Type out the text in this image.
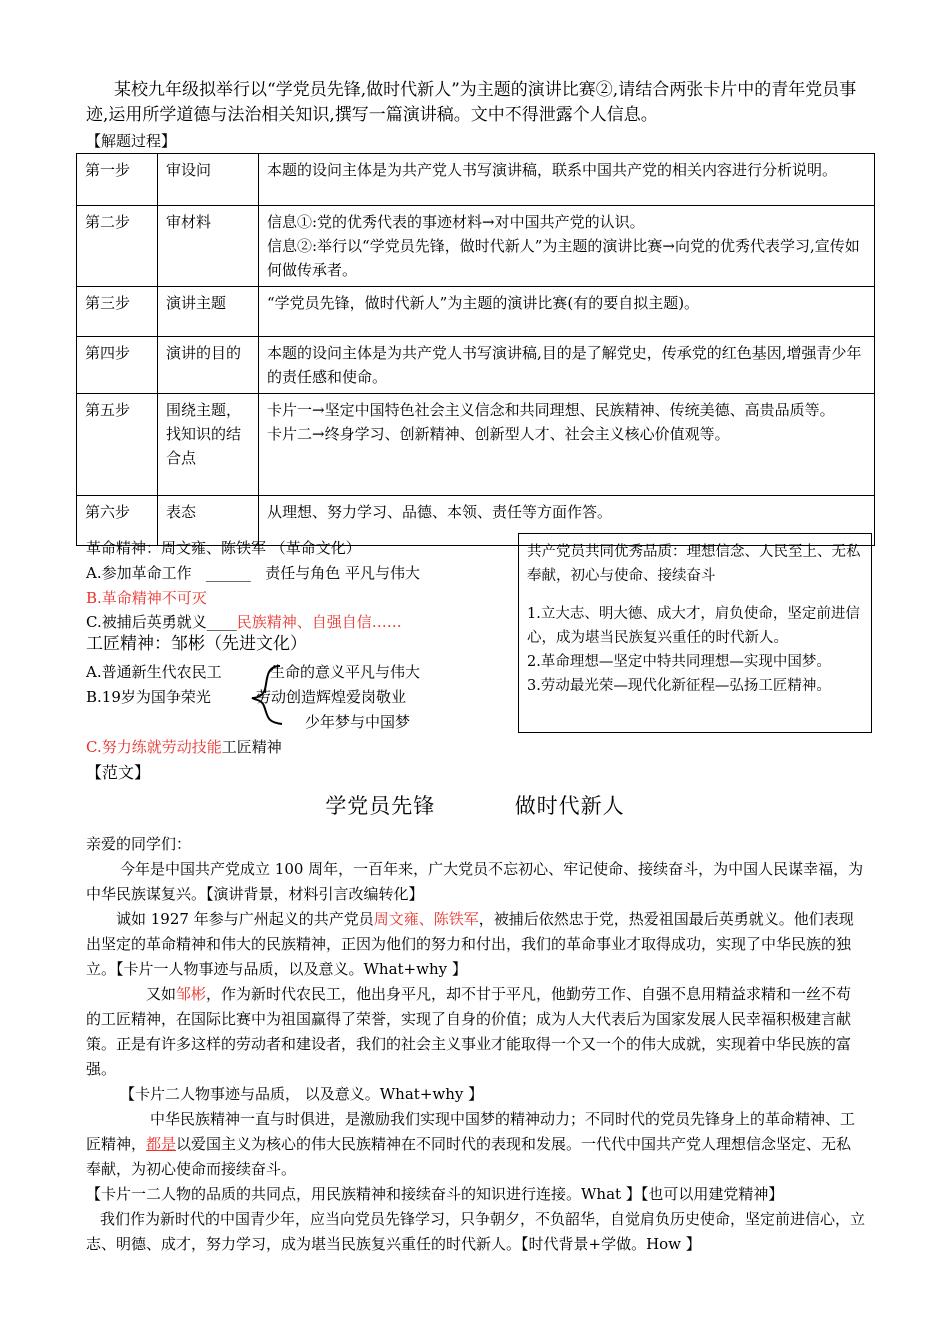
某校九年级拟举行以“学党员先锋,做时代新人”为主题的演讲比赛②,请结合两张卡片中的青年党员事迹,运用所学道德与法治相关知识,撰写一篇演讲稿。文中不得泄露个人信息。
【解题过程】
第一步	审设问	本题的设问主体是为共产党人书写演讲稿，联系中国共产党的相关内容进行分析说明。

第二步	审材料	信息①:党的优秀代表的事迹材料→对中国共产党的认识。
信息②:举行以“学党员先锋，做时代新人”为主题的演讲比赛→向党的优秀代表学习,宣传如何做传承者。

第三步	演讲主题	“学党员先锋，做时代新人”为主题的演讲比赛(有的要自拟主题)。

第四步	演讲的目的	本题的设问主体是为共产党人书写演讲稿,目的是了解党史，传承党的红色基因,增强青少年的责任感和使命。

第五步	围绕主题，找知识的结合点	卡片一→坚定中国特色社会主义信念和共同理想、民族精神、传统美德、高贵品质等。
卡片二→终身学习、创新精神、创新型人才、社会主义核心价值观等。

第六步	表态	从理想、努力学习、品德、本领、责任等方面作答。
革命精神：周文雍、陈铁军 （革命文化）
A.参加革命工作 ______ 责任与角色 平凡与伟大
B.革命精神不可灭
C.被捕后英勇就义____民族精神、自强自信……
工匠精神：邹彬（先进文化）
A.普通新生代农民工	生命的意义平凡与伟大
B.19岁为国争荣光	劳动创造辉煌爱岗敬业
少年梦与中国梦
C.努力练就劳动技能工匠精神

共产党员共同优秀品质：理想信念、人民至上、无私奉献，初心与使命、接续奋斗

1.立大志、明大德、成大才，肩负使命，坚定前进信心，成为堪当民族复兴重任的时代新人。

2.革命理想—坚定中特共同理想—实现中国梦。

3.劳动最光荣—现代化新征程—弘扬工匠精神。

【范文】
学党员先锋	做时代新人

亲爱的同学们：

今年是中国共产党成立 100 周年，一百年来，广大党员不忘初心、牢记使命、接续奋斗，为中国人民谋幸福，为中华民族谋复兴。【演讲背景，材料引言改编转化】

诚如 1927 年参与广州起义的共产党员周文雍、陈铁军，被捕后依然忠于党，热爱祖国最后英勇就义。他们表现出坚定的革命精神和伟大的民族精神，正因为他们的努力和付出，我们的革命事业才取得成功，实现了中华民族的独立。【卡片一人物事迹与品质，以及意义。What+why 】

又如邹彬，作为新时代农民工，他出身平凡，却不甘于平凡，他勤劳工作、自强不息用精益求精和一丝不苟的工匠精神，在国际比赛中为祖国赢得了荣誉，实现了自身的价值；成为人大代表后为国家发展人民幸福积极建言献策。正是有许多这样的劳动者和建设者，我们的社会主义事业才能取得一个又一个的伟大成就，实现着中华民族的富强。

【卡片二人物事迹与品质， 以及意义。What+why 】

中华民族精神一直与时俱进，是激励我们实现中国梦的精神动力；不同时代的党员先锋身上的革命精神、工匠精神，都是以爱国主义为核心的伟大民族精神在不同时代的表现和发展。一代代中国共产党人理想信念坚定、无私奉献，为初心使命而接续奋斗。

【卡片一二人物的品质的共同点，用民族精神和接续奋斗的知识进行连接。What 】【也可以用建党精神】

我们作为新时代的中国青少年，应当向党员先锋学习，只争朝夕，不负韶华，自觉肩负历史使命，坚定前进信心，立志、明德、成才，努力学习，成为堪当民族复兴重任的时代新人。【时代背景+学做。How 】
